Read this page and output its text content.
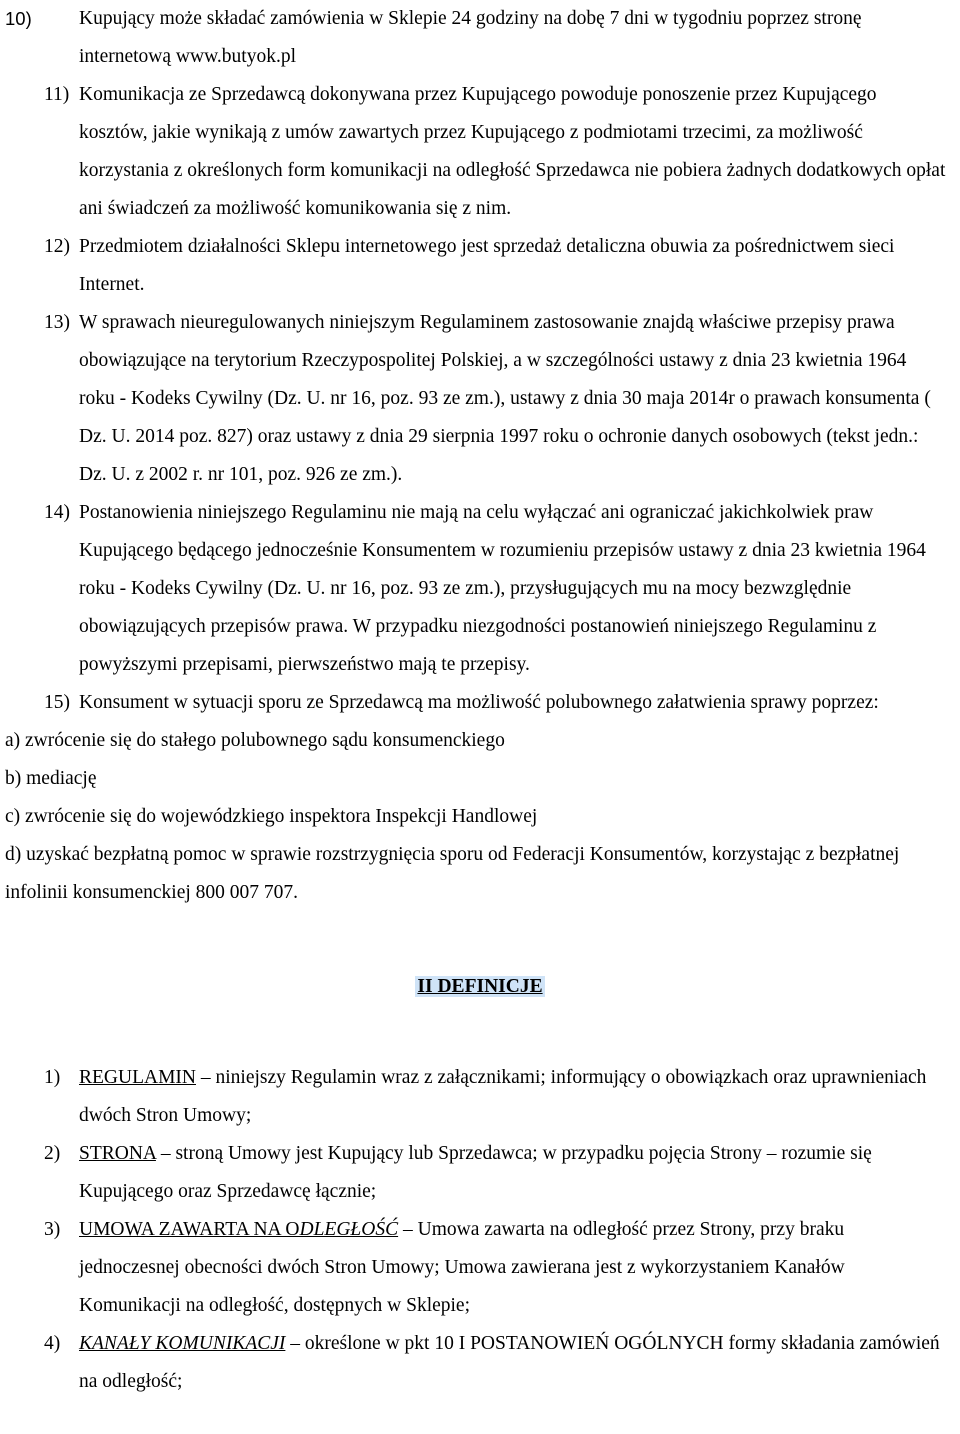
10) Kupujący może składać zamówienia w Sklepie 24 godziny na dobę 7 dni w tygodniu poprzez stronę internetową www.butyok.pl
11) Komunikacja ze Sprzedawcą dokonywana przez Kupującego powoduje ponoszenie przez Kupującego kosztów, jakie wynikają z umów zawartych przez Kupującego z podmiotami trzecimi, za możliwość korzystania z określonych form komunikacji na odległość Sprzedawca nie pobiera żadnych dodatkowych opłat ani świadczeń za możliwość komunikowania się z nim.
12) Przedmiotem działalności Sklepu internetowego jest sprzedaż detaliczna obuwia za pośrednictwem sieci Internet.
13) W sprawach nieuregulowanych niniejszym Regulaminem zastosowanie znajdą właściwe przepisy prawa obowiązujące na terytorium Rzeczypospolitej Polskiej, a w szczególności ustawy z dnia 23 kwietnia 1964 roku - Kodeks Cywilny (Dz. U. nr 16, poz. 93 ze zm.), ustawy z dnia 30 maja 2014r o prawach konsumenta ( Dz. U. 2014 poz. 827) oraz ustawy z dnia 29 sierpnia 1997 roku o ochronie danych osobowych (tekst jedn.: Dz. U. z 2002 r. nr 101, poz. 926 ze zm.).
14) Postanowienia niniejszego Regulaminu nie mają na celu wyłączać ani ograniczać jakichkolwiek praw Kupującego będącego jednocześnie Konsumentem w rozumieniu przepisów ustawy z dnia 23 kwietnia 1964 roku - Kodeks Cywilny (Dz. U. nr 16, poz. 93 ze zm.), przysługujących mu na mocy bezwzględnie obowiązujących przepisów prawa. W przypadku niezgodności postanowień niniejszego Regulaminu z powyższymi przepisami, pierwszeństwo mają te przepisy.
15) Konsument w sytuacji sporu ze Sprzedawcą ma możliwość polubownego załatwienia sprawy poprzez:
a) zwrócenie się do stałego polubownego sądu konsumenckiego
b) mediację
c) zwrócenie się do wojewódzkiego inspektora Inspekcji Handlowej
d) uzyskać bezpłatną pomoc w sprawie rozstrzygnięcia sporu od Federacji Konsumentów, korzystając z bezpłatnej infolinii konsumenckiej 800 007 707.
II DEFINICJE
1) REGULAMIN – niniejszy Regulamin wraz z załącznikami; informujący o obowiązkach oraz uprawnieniach dwóch Stron Umowy;
2) STRONA – stroną Umowy jest Kupujący lub Sprzedawca; w przypadku pojęcia Strony – rozumie się Kupującego oraz Sprzedawcę łącznie;
3) UMOWA ZAWARTA NA ODLEGŁOŚĆ – Umowa zawarta na odległość przez Strony, przy braku jednoczesnej obecności dwóch Stron Umowy; Umowa zawierana jest z wykorzystaniem Kanałów Komunikacji na odległość, dostępnych w Sklepie;
4) KANAŁY KOMUNIKACJI – określone w pkt 10 I POSTANOWIEŃ OGÓLNYCH formy składania zamówień na odległość;
